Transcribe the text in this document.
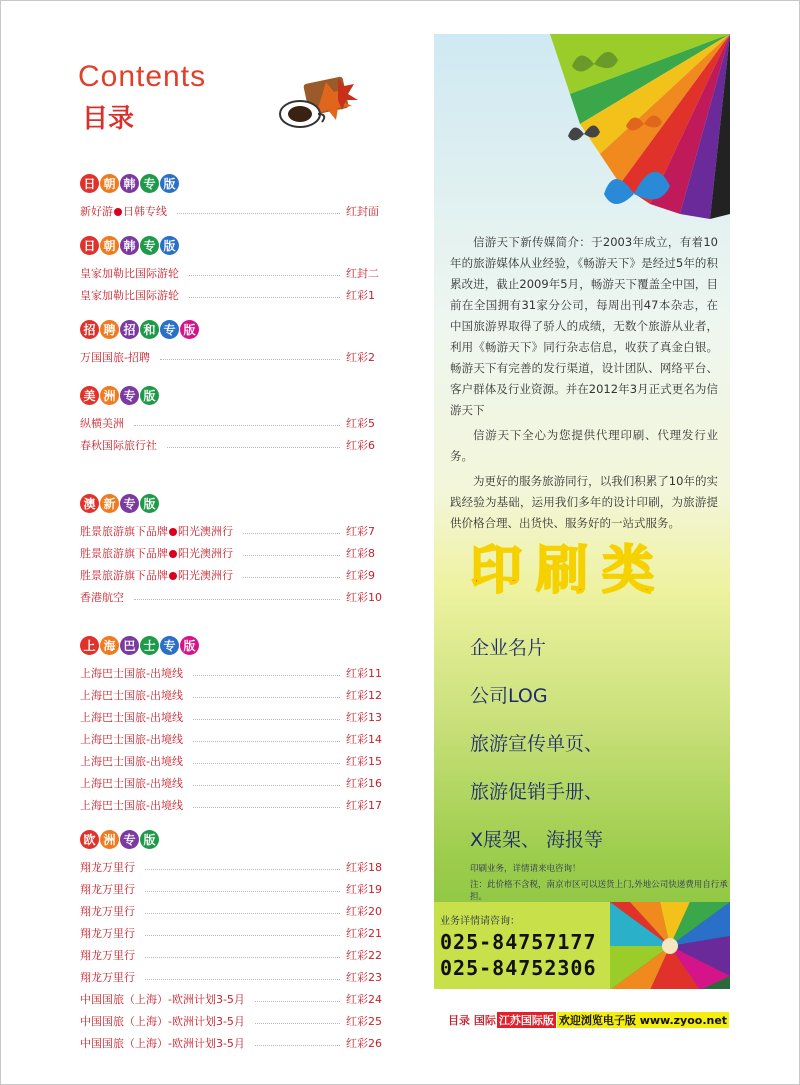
Contents
目录
日 朝 韩 专 版
新好游 日韩专线	红封面
日 朝 韩 专 版
皇家加勒比国际游轮	红封二
皇家加勒比国际游轮	红彩1
招 聘 招 和 专 版
万国国旅-招聘	红彩2
美 洲 专 版
纵横美洲	红彩5
春秋国际旅行社	红彩6
澳 新 专 版
胜景旅游旗下品牌 阳光澳洲行	红彩7
胜景旅游旗下品牌 阳光澳洲行	红彩8
胜景旅游旗下品牌 阳光澳洲行	红彩9
香港航空	红彩10
上 海 巴 士 专 版
上海巴士国旅-出境线	红彩11
上海巴士国旅-出境线	红彩12
上海巴士国旅-出境线	红彩13
上海巴士国旅-出境线	红彩14
上海巴士国旅-出境线	红彩15
上海巴士国旅-出境线	红彩16
上海巴士国旅-出境线	红彩17
欧 洲 专 版
翔龙万里行	红彩18
翔龙万里行	红彩19
翔龙万里行	红彩20
翔龙万里行	红彩21
翔龙万里行	红彩22
翔龙万里行	红彩23
中国国旅（上海）-欧洲计划3-5月	红彩24
中国国旅（上海）-欧洲计划3-5月	红彩25
中国国旅（上海）-欧洲计划3-5月	红彩26

信游天下新传媒简介：于2003年成立，有着10年的旅游媒体从业经验，《畅游天下》是经过5年的积累改进，截止2009年5月，畅游天下覆盖全中国，目前在全国拥有31家分公司，每周出刊47本杂志，在中国旅游界取得了骄人的成绩，无数个旅游从业者，利用《畅游天下》同行杂志信息，收获了真金白银。畅游天下有完善的发行渠道，设计团队、网络平台、客户群体及行业资源。并在2012年3月正式更名为信游天下

信游天下全心为您提供代理印刷、代理发行业务。

为更好的服务旅游同行，以我们积累了10年的实践经验为基础，运用我们多年的设计印刷，为旅游提供价格合理、出货快、服务好的一站式服务。

印刷类
企业名片
公司LOG
旅游宣传单页、
旅游促销手册、
X展架、 海报等
印刷业务，详情请来电咨询！
注：此价格不含税，南京市区可以送货上门,外地公司快递费用自行承担。
业务详情请咨询：
025-84757177
025-84752306
目录 国际 江苏国际版 欢迎浏览电子版 www.zyoo.net
